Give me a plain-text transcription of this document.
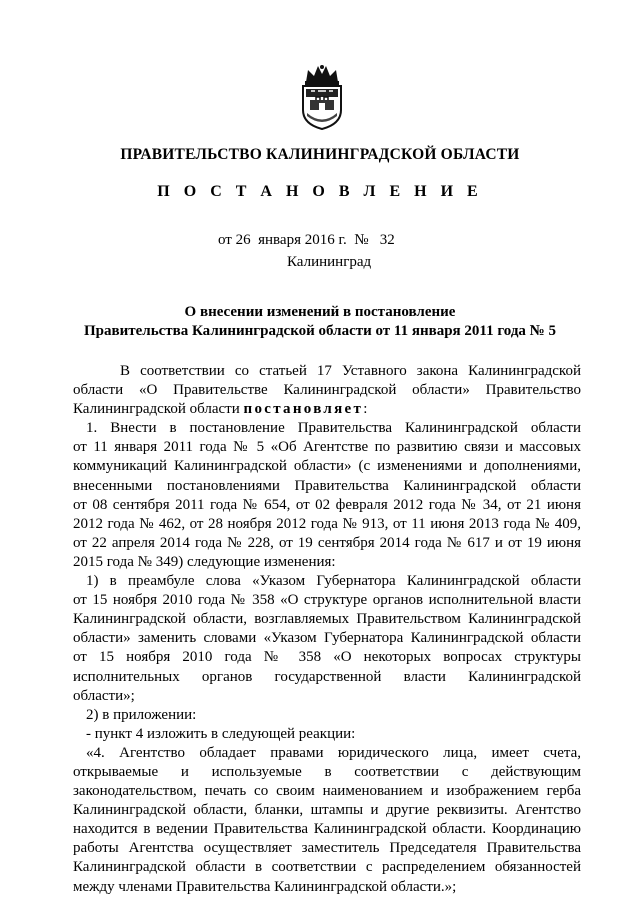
ПРАВИТЕЛЬСТВО КАЛИНИНГРАДСКОЙ ОБЛАСТИ
П О С Т А Н О В Л Е Н И Е
от 26  января 2016 г. № 32
Калининград
О внесении изменений в постановление
Правительства Калининградской области от 11 января 2011 года № 5
В соответствии со статьей 17 Уставного закона Калининградской
области «О Правительстве Калининградской области» Правительство
Калининградской области постановляет:
1. Внести в постановление Правительства Калининградской области
от 11 января 2011 года № 5 «Об Агентстве по развитию связи и массовых
коммуникаций Калининградской области» (с изменениями и дополнениями,
внесенными постановлениями Правительства Калининградской области
от 08 сентября 2011 года № 654, от 02 февраля 2012 года № 34, от 21 июня
2012 года № 462, от 28 ноября 2012 года № 913, от 11 июня 2013 года № 409,
от 22 апреля 2014 года № 228, от 19 сентября 2014 года № 617 и от 19 июня
2015 года № 349) следующие изменения:
1) в преамбуле слова «Указом Губернатора Калининградской области
от 15 ноября 2010 года № 358 «О структуре органов исполнительной власти
Калининградской области, возглавляемых Правительством Калининградской
области» заменить словами «Указом Губернатора Калининградской области
от 15 ноября 2010 года № 358 «О некоторых вопросах структуры
исполнительных органов государственной власти Калининградской
области»;
2) в приложении:
- пункт 4 изложить в следующей реакции:
«4. Агентство обладает правами юридического лица, имеет счета,
открываемые и используемые в соответствии с действующим
законодательством, печать со своим наименованием и изображением герба
Калининградской области, бланки, штампы и другие реквизиты. Агентство
находится в ведении Правительства Калининградской области. Координацию
работы Агентства осуществляет заместитель Председателя Правительства
Калининградской области в соответствии с распределением обязанностей
между членами Правительства Калининградской области.»;
